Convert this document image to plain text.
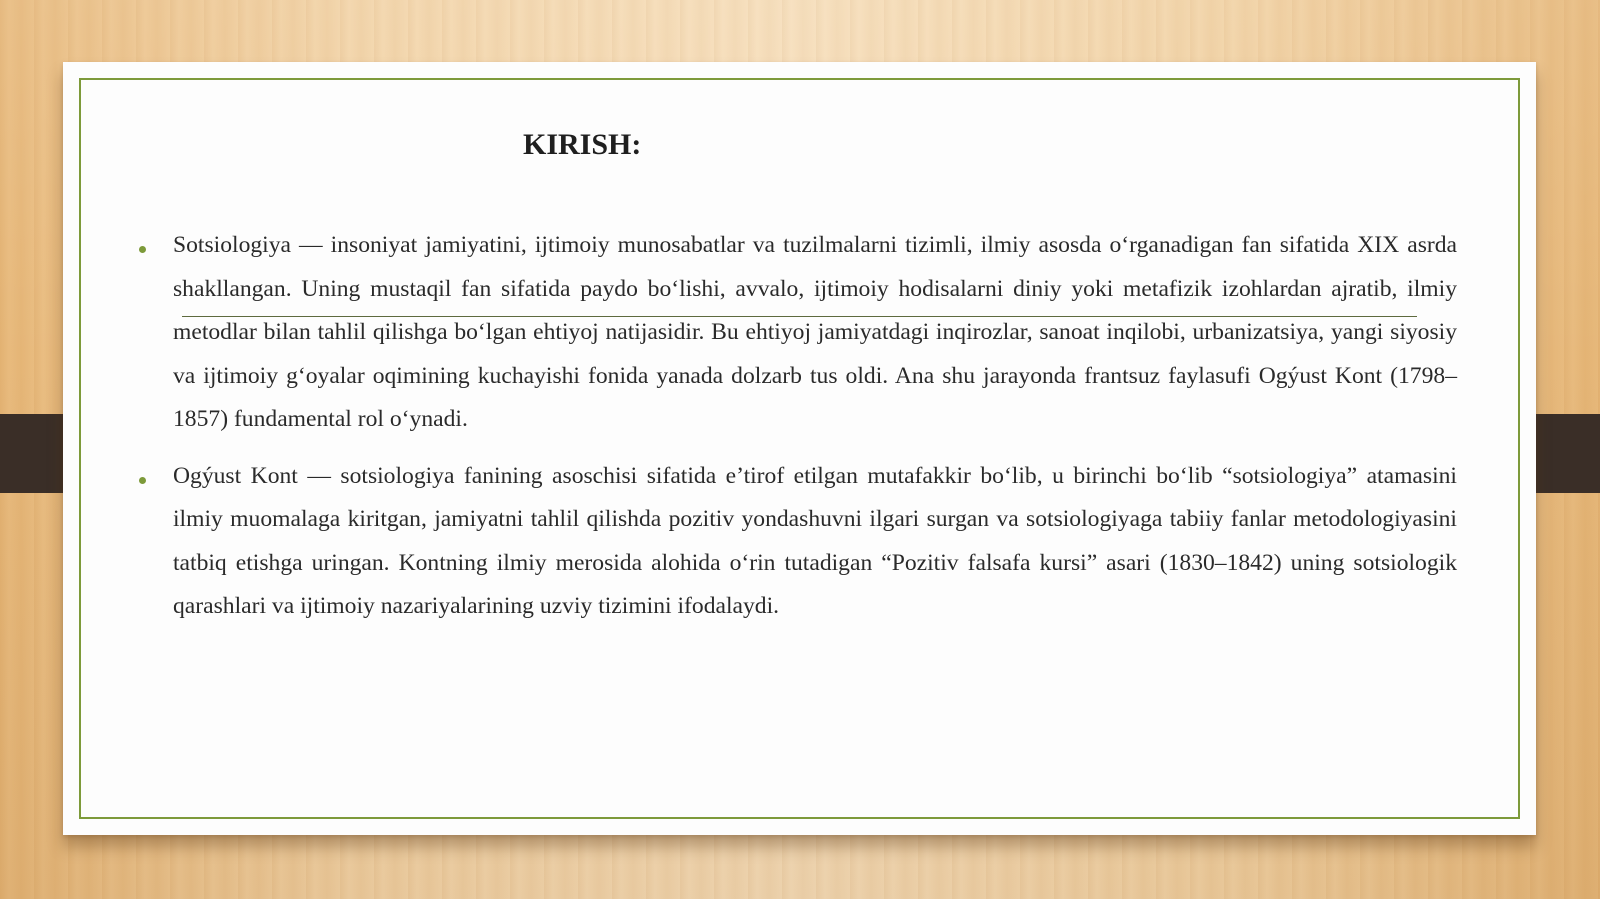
KIRISH:

Sotsiologiya — insoniyat jamiyatini, ijtimoiy munosabatlar va tuzilmalarni tizimli, ilmiy asosda o‘rganadigan fan sifatida XIX asrda shakllangan. Uning mustaqil fan sifatida paydo bo‘lishi, avvalo, ijtimoiy hodisalarni diniy yoki metafizik izohlardan ajratib, ilmiy metodlar bilan tahlil qilishga bo‘lgan ehtiyoj natijasidir. Bu ehtiyoj jamiyatdagi inqirozlar, sanoat inqilobi, urbanizatsiya, yangi siyosiy va ijtimoiy g‘oyalar oqimining kuchayishi fonida yanada dolzarb tus oldi. Ana shu jarayonda frantsuz faylasufi Ogýust Kont (1798–1857) fundamental rol o‘ynadi.

Ogýust Kont — sotsiologiya fanining asoschisi sifatida e’tirof etilgan mutafakkir bo‘lib, u birinchi bo‘lib “sotsiologiya” atamasini ilmiy muomalaga kiritgan, jamiyatni tahlil qilishda pozitiv yondashuvni ilgari surgan va sotsiologiyaga tabiiy fanlar metodologiyasini tatbiq etishga uringan. Kontning ilmiy merosida alohida o‘rin tutadigan “Pozitiv falsafa kursi” asari (1830–1842) uning sotsiologik qarashlari va ijtimoiy nazariyalarining uzviy tizimini ifodalaydi.
